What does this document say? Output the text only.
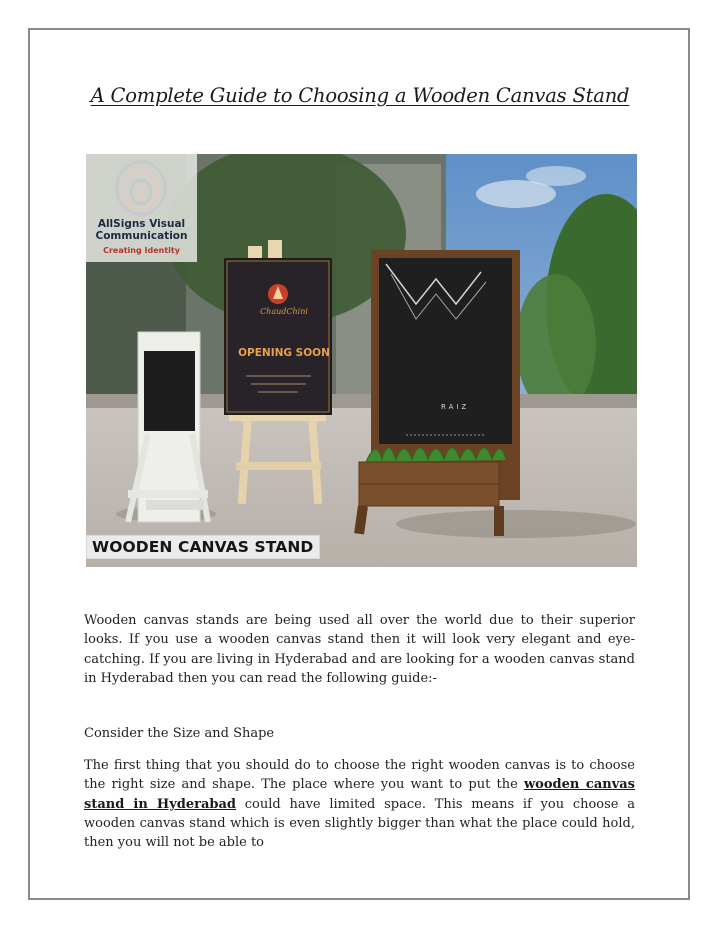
A Complete Guide to Choosing a Wooden Canvas Stand
AllSigns Visual
Communication
Creating Identity
ChaudChini
OPENING SOON
RAIZ
WOODEN CANVAS STAND
Wooden canvas stands are being used all over the world due to their superior looks. If you use a wooden canvas stand then it will look very elegant and eye-catching. If you are living in Hyderabad and are looking for a wooden canvas stand in Hyderabad then you can read the following guide:-
Consider the Size and Shape
The first thing that you should do to choose the right wooden canvas is to choose the right size and shape. The place where you want to put the wooden canvas stand in Hyderabad could have limited space. This means if you choose a wooden canvas stand which is even slightly bigger than what the place could hold, then you will not be able to
